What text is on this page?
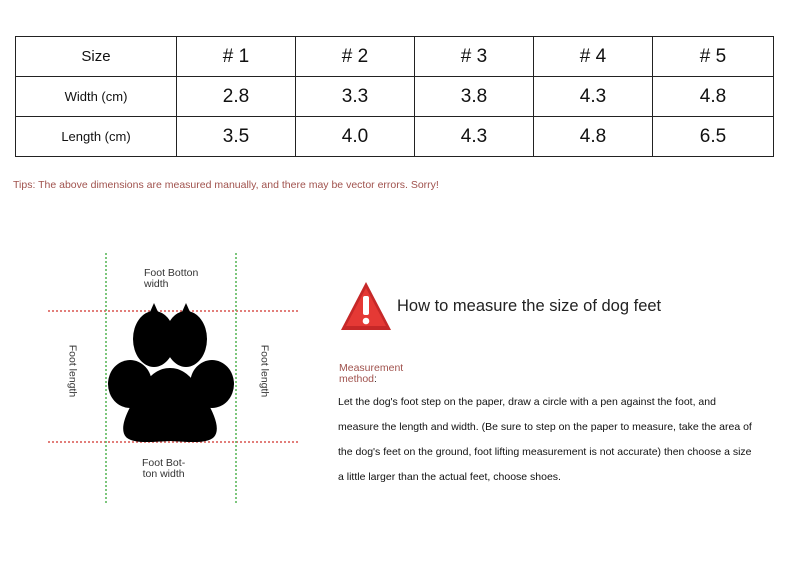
Size	# 1	# 2	# 3	# 4	# 5
Width (cm)	2.8	3.3	3.8	4.3	4.8
Length (cm)	3.5	4.0	4.3	4.8	6.5
Tips: The above dimensions are measured manually, and there may be vector errors. Sorry!
Foot Botton
width
Foot Bot-
ton width
Foot length	Foot length
How to measure the size of dog feet
Measurement
method:

Let the dog's foot step on the paper, draw a circle with a pen against the foot, and measure the length and width. (Be sure to step on the paper to measure, take the area of the dog's feet on the ground, foot lifting measurement is not accurate) then choose a size a little larger than the actual feet, choose shoes.
